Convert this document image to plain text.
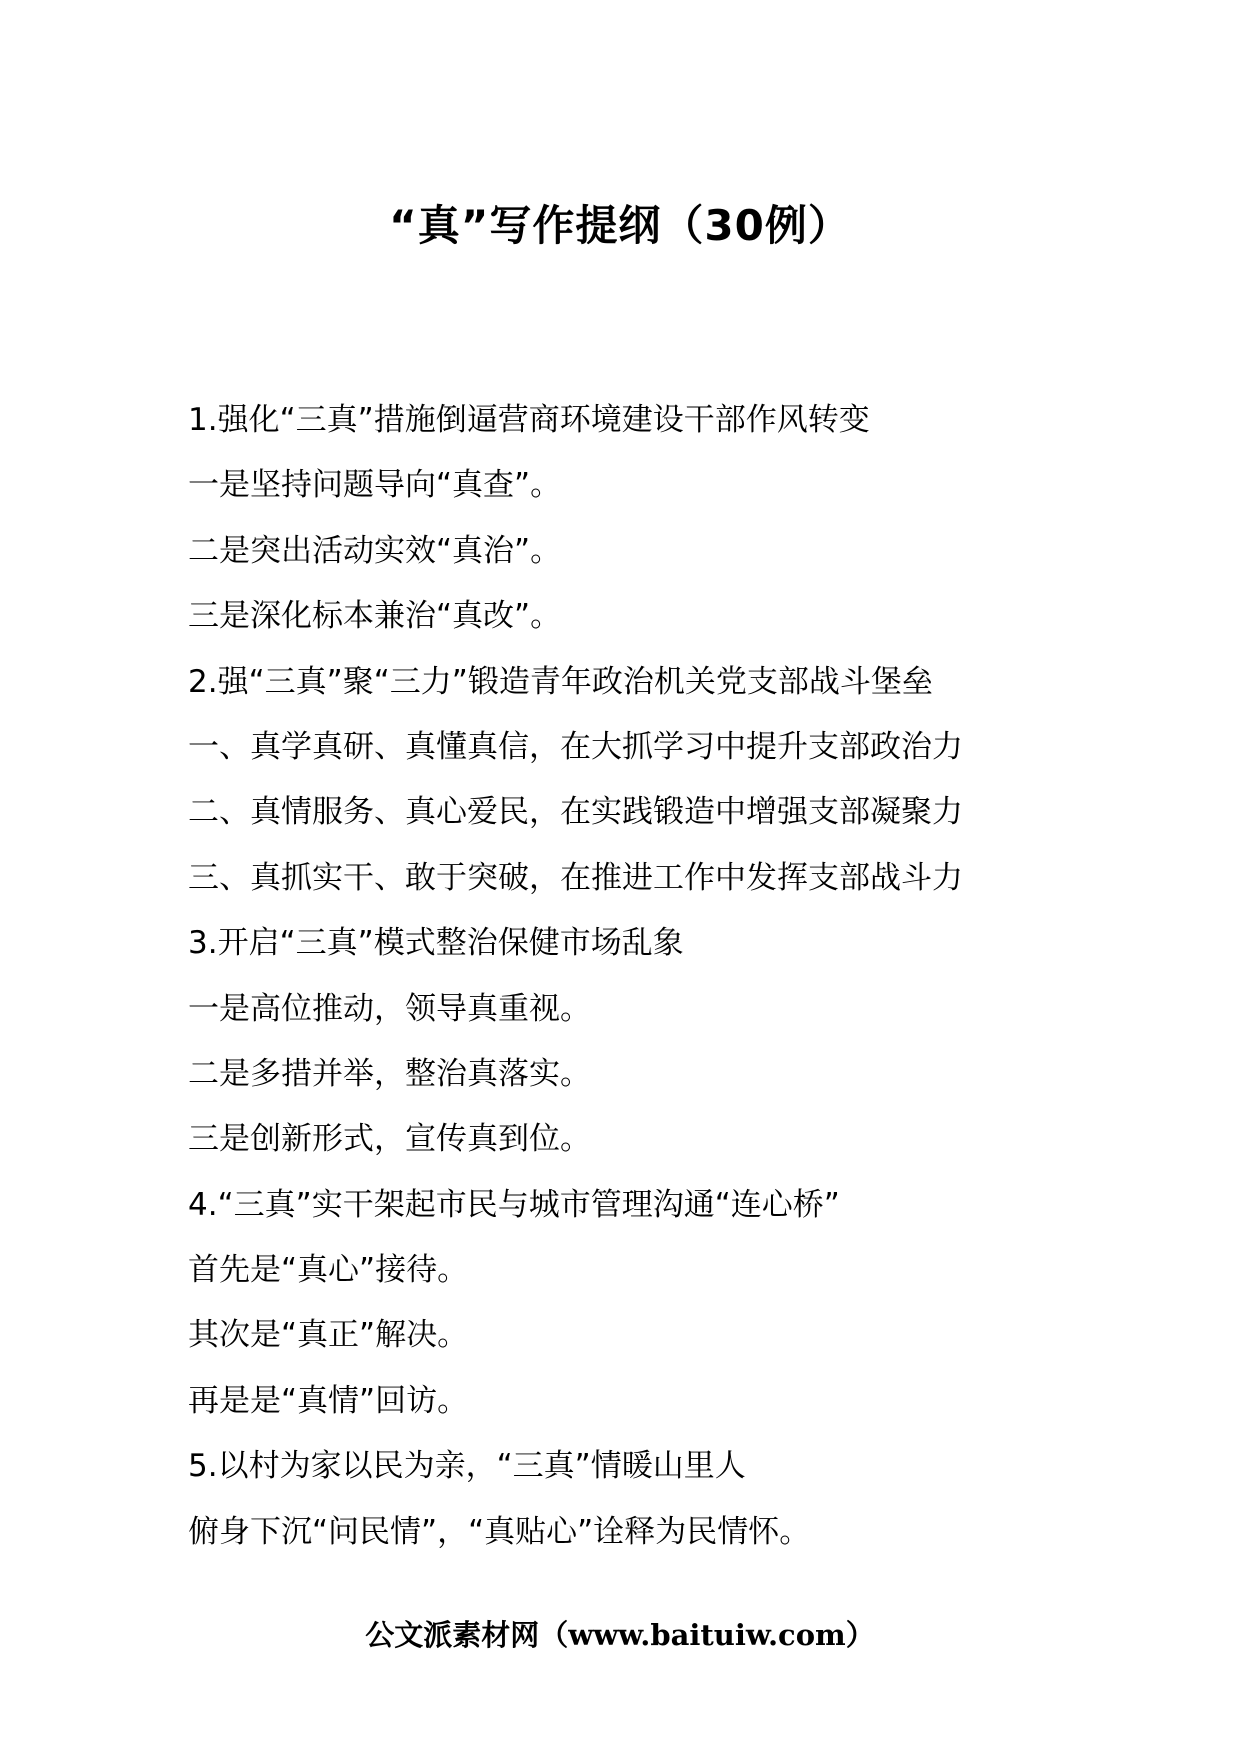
“真”写作提纲（30例）

1.强化“三真”措施倒逼营商环境建设干部作风转变

一是坚持问题导向“真查”。

二是突出活动实效“真治”。

三是深化标本兼治“真改”。

2.强“三真”聚“三力”锻造青年政治机关党支部战斗堡垒

一、真学真研、真懂真信，在大抓学习中提升支部政治力

二、真情服务、真心爱民，在实践锻造中增强支部凝聚力

三、真抓实干、敢于突破，在推进工作中发挥支部战斗力

3.开启“三真”模式整治保健市场乱象

一是高位推动，领导真重视。

二是多措并举，整治真落实。

三是创新形式，宣传真到位。

4.“三真”实干架起市民与城市管理沟通“连心桥”

首先是“真心”接待。

其次是“真正”解决。

再是是“真情”回访。

5.以村为家以民为亲，“三真”情暖山里人

俯身下沉“问民情”，“真贴心”诠释为民情怀。

公文派素材网（www.baituiw.com）
